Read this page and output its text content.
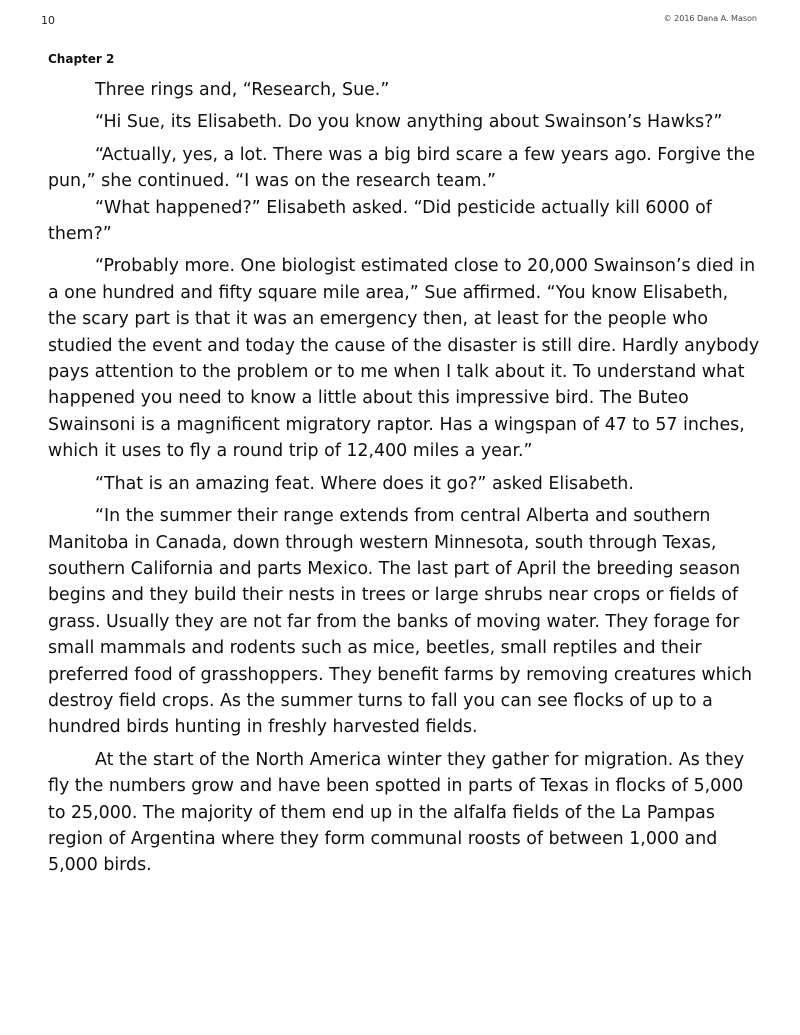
10	© 2016 Dana A. Mason
Chapter 2

Three rings and, “Research, Sue.”

“Hi Sue, its Elisabeth. Do you know anything about Swainson’s Hawks?”

“Actually, yes, a lot. There was a big bird scare a few years ago. Forgive the pun,” she continued. “I was on the research team.”

“What happened?” Elisabeth asked. “Did pesticide actually kill 6000 of them?”

“Probably more. One biologist estimated close to 20,000 Swainson’s died in a one hundred and fifty square mile area,” Sue affirmed. “You know Elisabeth, the scary part is that it was an emergency then, at least for the people who studied the event and today the cause of the disaster is still dire. Hardly anybody pays attention to the problem or to me when I talk about it. To understand what happened you need to know a little about this impressive bird. The Buteo Swainsoni is a magnificent migratory raptor. Has a wingspan of 47 to 57 inches, which it uses to fly a round trip of 12,400 miles a year.”

“That is an amazing feat. Where does it go?” asked Elisabeth.

“In the summer their range extends from central Alberta and southern Manitoba in Canada, down through western Minnesota, south through Texas, southern California and parts Mexico. The last part of April the breeding season begins and they build their nests in trees or large shrubs near crops or fields of grass. Usually they are not far from the banks of moving water. They forage for small mammals and rodents such as mice, beetles, small reptiles and their preferred food of grasshoppers. They benefit farms by removing creatures which destroy field crops. As the summer turns to fall you can see flocks of up to a hundred birds hunting in freshly harvested fields.

At the start of the North America winter they gather for migration. As they fly the numbers grow and have been spotted in parts of Texas in flocks of 5,000 to 25,000. The majority of them end up in the alfalfa fields of the La Pampas region of Argentina where they form communal roosts of between 1,000 and 5,000 birds.
